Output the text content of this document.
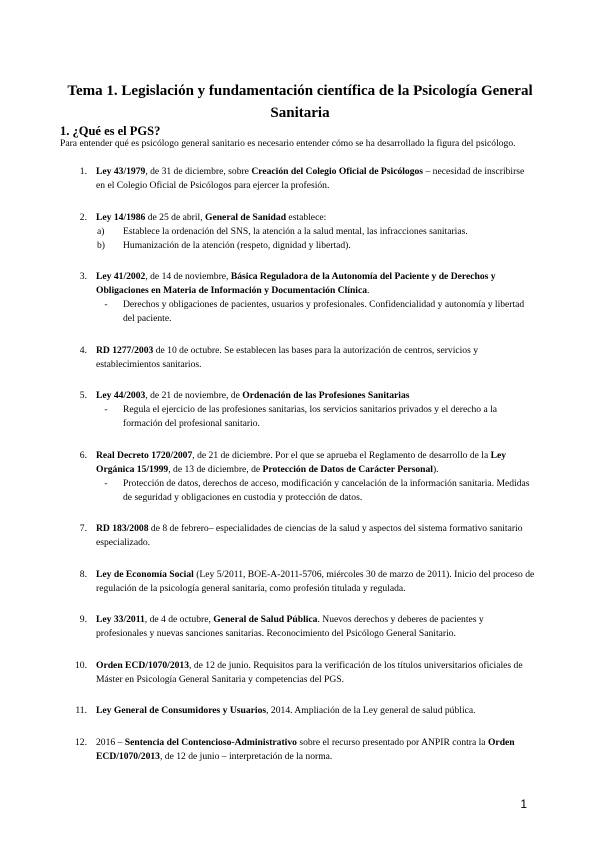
Tema 1. Legislación y fundamentación científica de la Psicología General Sanitaria
1. ¿Qué es el PGS?

Para entender qué es psicólogo general sanitario es necesario entender cómo se ha desarrollado la figura del psicólogo.

1. Ley 43/1979, de 31 de diciembre, sobre Creación del Colegio Oficial de Psicólogos – necesidad de inscribirse en el Colegio Oficial de Psicólogos para ejercer la profesión.
2. Ley 14/1986 de 25 de abril, General de Sanidad establece:
a)	Establece la ordenación del SNS, la atención a la salud mental, las infracciones sanitarias.
b)	Humanización de la atención (respeto, dignidad y libertad).
3. Ley 41/2002, de 14 de noviembre, Básica Reguladora de la Autonomía del Paciente y de Derechos y Obligaciones en Materia de Información y Documentación Clínica.
-	Derechos y obligaciones de pacientes, usuarios y profesionales. Confidencialidad y autonomía y libertad del paciente.
4. RD 1277/2003 de 10 de octubre. Se establecen las bases para la autorización de centros, servicios y establecimientos sanitarios.
5. Ley 44/2003, de 21 de noviembre, de Ordenación de las Profesiones Sanitarias
-	Regula el ejercicio de las profesiones sanitarias, los servicios sanitarios privados y el derecho a la formación del profesional sanitario.
6. Real Decreto 1720/2007, de 21 de diciembre. Por el que se aprueba el Reglamento de desarrollo de la Ley Orgánica 15/1999, de 13 de diciembre, de Protección de Datos de Carácter Personal).
-	Protección de datos, derechos de acceso, modificación y cancelación de la información sanitaria. Medidas de seguridad y obligaciones en custodia y protección de datos.
7. RD 183/2008 de 8 de febrero– especialidades de ciencias de la salud y aspectos del sistema formativo sanitario especializado.
8. Ley de Economía Social (Ley 5/2011, BOE-A-2011-5706, miércoles 30 de marzo de 2011). Inicio del proceso de regulación de la psicología general sanitaria, como profesión titulada y regulada.
9. Ley 33/2011, de 4 de octubre, General de Salud Pública. Nuevos derechos y deberes de pacientes y profesionales y nuevas sanciones sanitarias. Reconocimiento del Psicólogo General Sanitario.
10. Orden ECD/1070/2013, de 12 de junio. Requisitos para la verificación de los títulos universitarios oficiales de Máster en Psicología General Sanitaria y competencias del PGS.
11. Ley General de Consumidores y Usuarios, 2014. Ampliación de la Ley general de salud pública.
12. 2016 – Sentencia del Contencioso-Administrativo sobre el recurso presentado por ANPIR contra la Orden ECD/1070/2013, de 12 de junio – interpretación de la norma.
1
